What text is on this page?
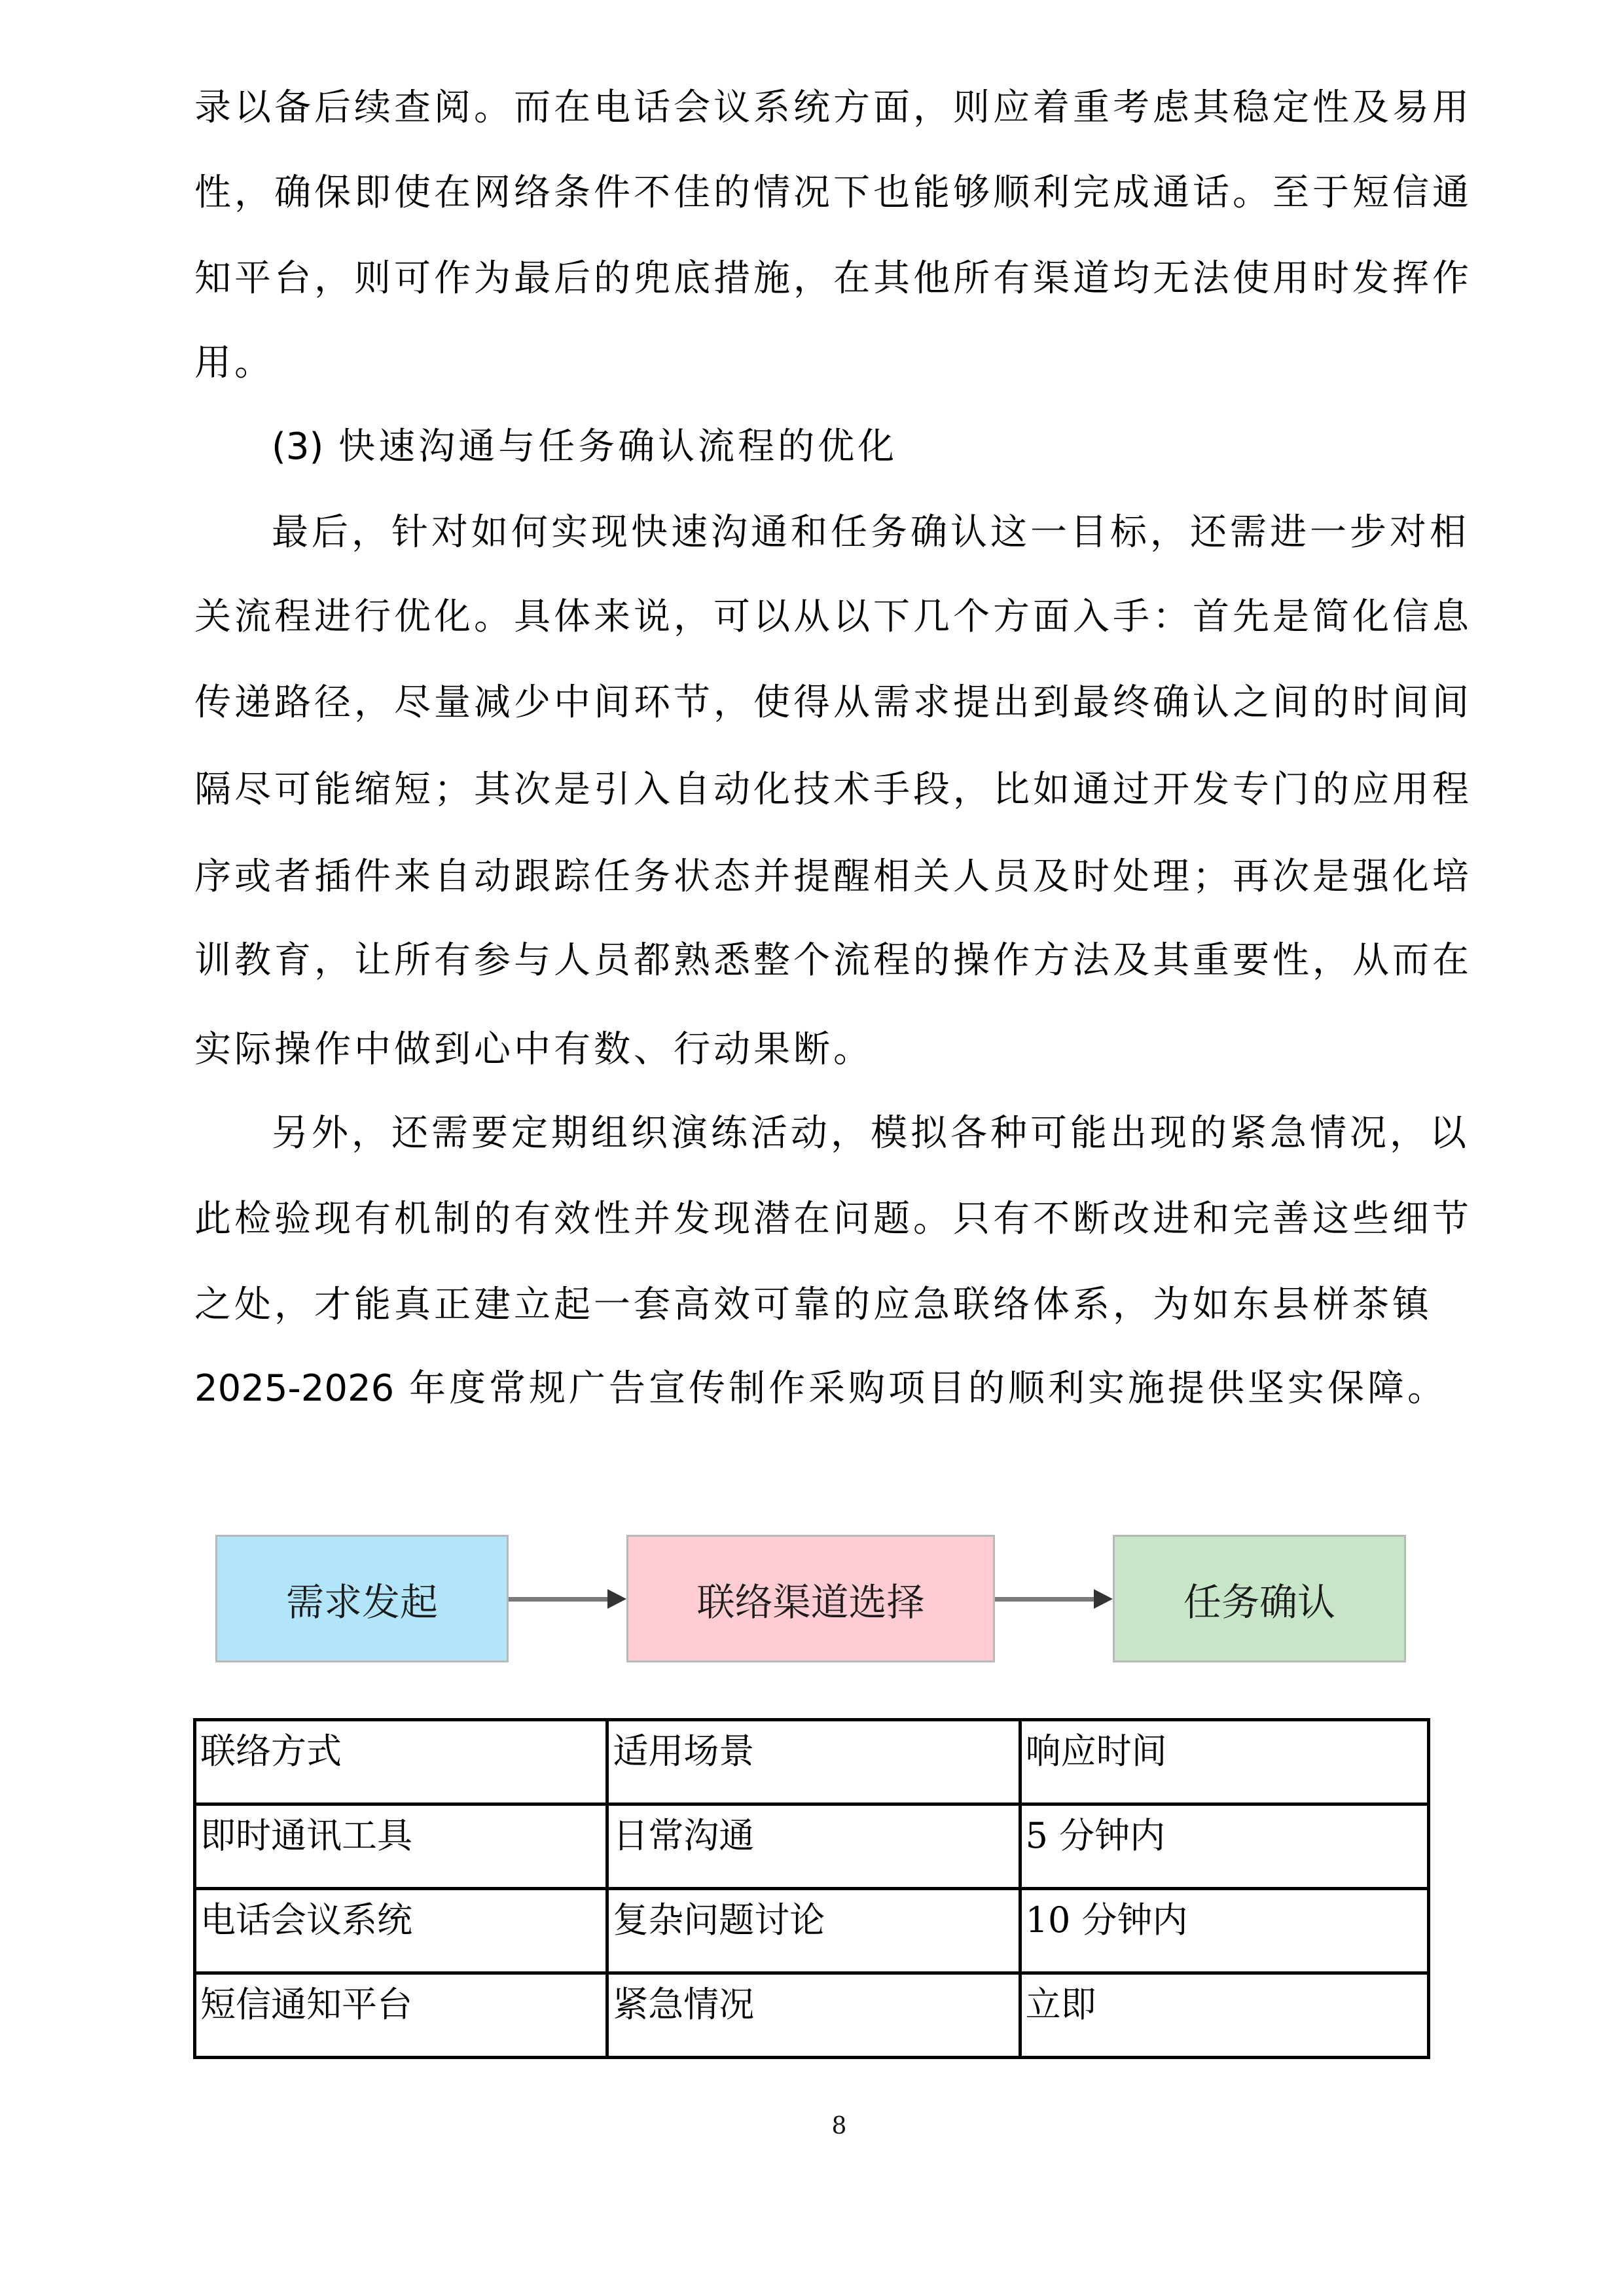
录以备后续查阅。而在电话会议系统方面，则应着重考虑其稳定性及易用
性，确保即使在网络条件不佳的情况下也能够顺利完成通话。至于短信通
知平台，则可作为最后的兜底措施，在其他所有渠道均无法使用时发挥作
用。
(3) 快速沟通与任务确认流程的优化
最后，针对如何实现快速沟通和任务确认这一目标，还需进一步对相
关流程进行优化。具体来说，可以从以下几个方面入手：首先是简化信息
传递路径，尽量减少中间环节，使得从需求提出到最终确认之间的时间间
隔尽可能缩短；其次是引入自动化技术手段，比如通过开发专门的应用程
序或者插件来自动跟踪任务状态并提醒相关人员及时处理；再次是强化培
训教育，让所有参与人员都熟悉整个流程的操作方法及其重要性，从而在
实际操作中做到心中有数、行动果断。
另外，还需要定期组织演练活动，模拟各种可能出现的紧急情况，以
此检验现有机制的有效性并发现潜在问题。只有不断改进和完善这些细节
之处，才能真正建立起一套高效可靠的应急联络体系，为如东县栟茶镇
2025-2026 年度常规广告宣传制作采购项目的顺利实施提供坚实保障。
需求发起	联络渠道选择	任务确认
联络方式	适用场景	响应时间
即时通讯工具	日常沟通	5 分钟内
电话会议系统	复杂问题讨论	10 分钟内
短信通知平台	紧急情况	立即
8
